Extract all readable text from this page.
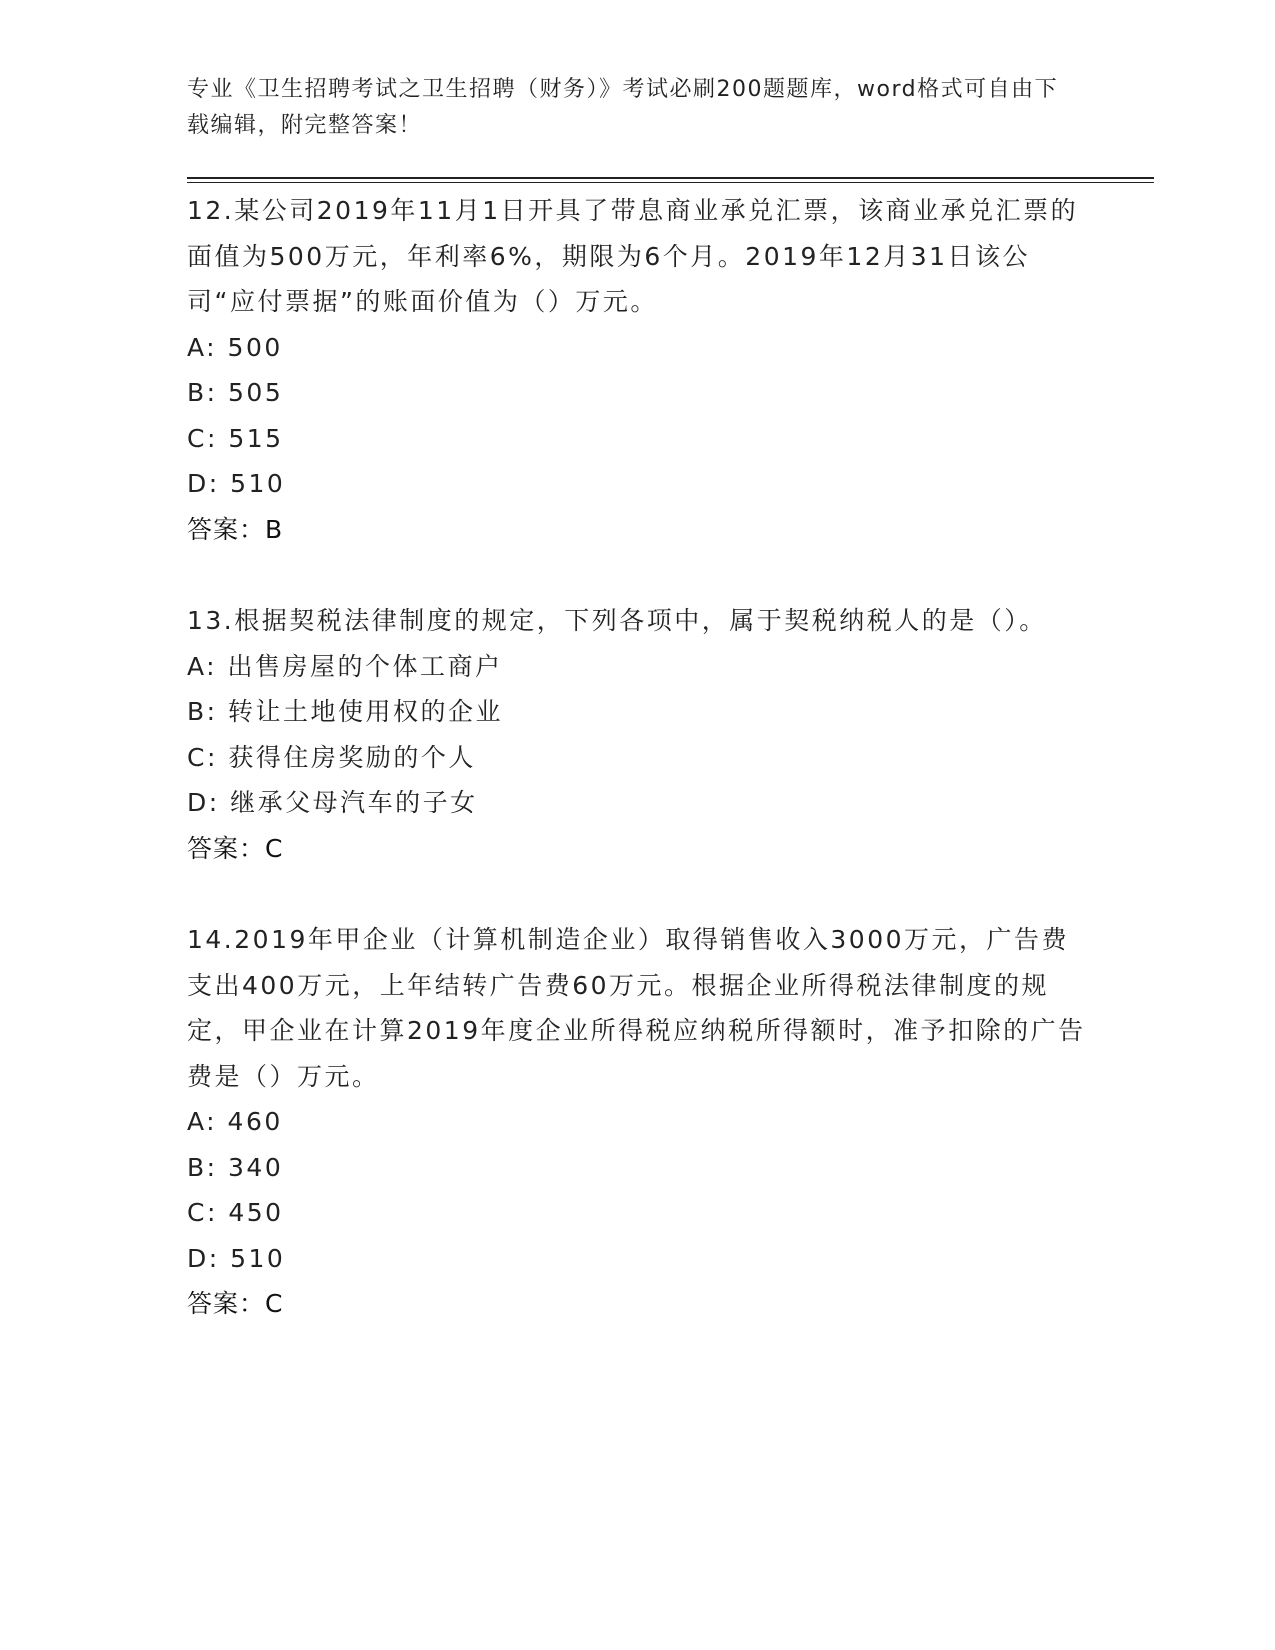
专业《卫生招聘考试之卫生招聘（财务）》考试必刷200题题库，word格式可自由下载编辑，附完整答案！

12.某公司2019年11月1日开具了带息商业承兑汇票，该商业承兑汇票的面值为500万元，年利率6%，期限为6个月。2019年12月31日该公司“应付票据”的账面价值为（）万元。

A: 500

B: 505

C: 515

D: 510

答案：B

13.根据契税法律制度的规定，下列各项中，属于契税纳税人的是（）。

A: 出售房屋的个体工商户

B: 转让土地使用权的企业

C: 获得住房奖励的个人

D: 继承父母汽车的子女

答案：C

14.2019年甲企业（计算机制造企业）取得销售收入3000万元，广告费支出400万元，上年结转广告费60万元。根据企业所得税法律制度的规定，甲企业在计算2019年度企业所得税应纳税所得额时，准予扣除的广告费是（）万元。

A: 460

B: 340

C: 450

D: 510

答案：C
